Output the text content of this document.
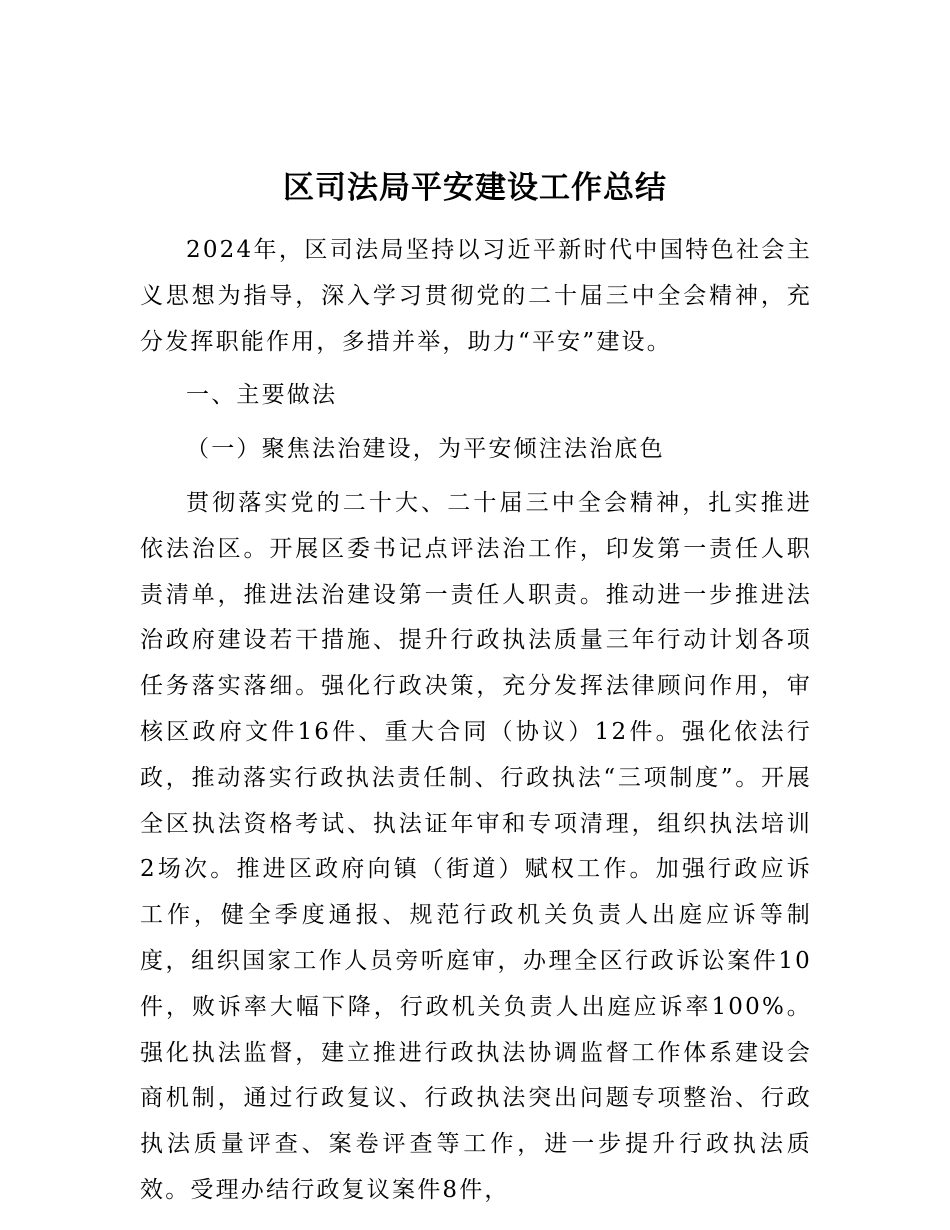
区司法局平安建设工作总结

2024年，区司法局坚持以习近平新时代中国特色社会主义思想为指导，深入学习贯彻党的二十届三中全会精神，充分发挥职能作用，多措并举，助力“平安”建设。

一、主要做法

（一）聚焦法治建设，为平安倾注法治底色

贯彻落实党的二十大、二十届三中全会精神，扎实推进依法治区。开展区委书记点评法治工作，印发第一责任人职责清单，推进法治建设第一责任人职责。推动进一步推进法治政府建设若干措施、提升行政执法质量三年行动计划各项任务落实落细。强化行政决策，充分发挥法律顾问作用，审核区政府文件16件、重大合同（协议）12件。强化依法行政，推动落实行政执法责任制、行政执法“三项制度”。开展全区执法资格考试、执法证年审和专项清理，组织执法培训2场次。推进区政府向镇（街道）赋权工作。加强行政应诉工作，健全季度通报、规范行政机关负责人出庭应诉等制度，组织国家工作人员旁听庭审，办理全区行政诉讼案件10件，败诉率大幅下降，行政机关负责人出庭应诉率100%。强化执法监督，建立推进行政执法协调监督工作体系建设会商机制，通过行政复议、行政执法突出问题专项整治、行政执法质量评查、案卷评查等工作，进一步提升行政执法质效。受理办结行政复议案件8件，
